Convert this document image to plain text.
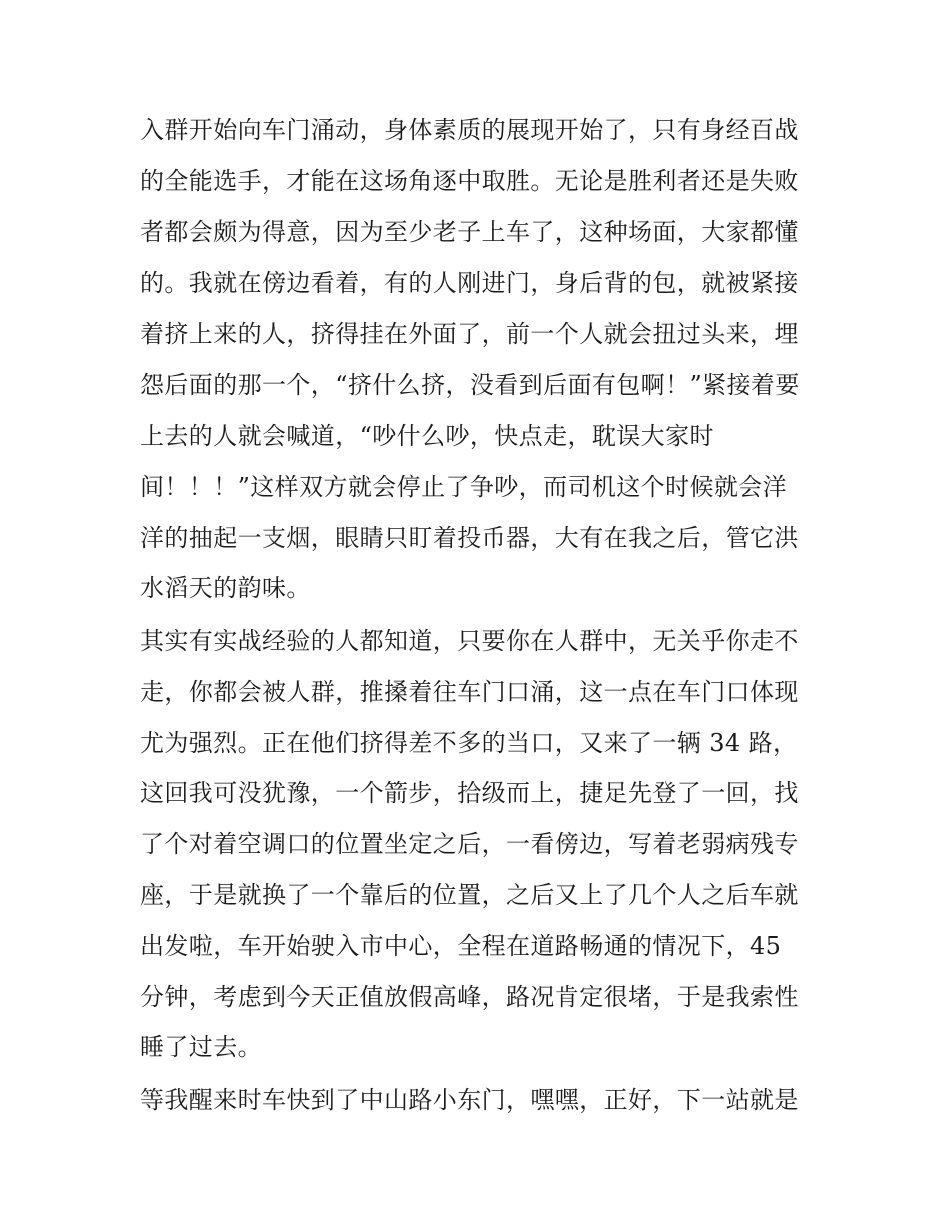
入群开始向车门涌动，身体素质的展现开始了，只有身经百战
的全能选手，才能在这场角逐中取胜。无论是胜利者还是失败
者都会颇为得意，因为至少老子上车了，这种场面，大家都懂
的。我就在傍边看着，有的人刚进门，身后背的包，就被紧接
着挤上来的人，挤得挂在外面了，前一个人就会扭过头来，埋
怨后面的那一个，“挤什么挤，没看到后面有包啊！”紧接着要
上去的人就会喊道，“吵什么吵，快点走，耽误大家时
间！！！”这样双方就会停止了争吵，而司机这个时候就会洋
洋的抽起一支烟，眼睛只盯着投币器，大有在我之后，管它洪
水滔天的韵味。
其实有实战经验的人都知道，只要你在人群中，无关乎你走不
走，你都会被人群，推搡着往车门口涌，这一点在车门口体现
尤为强烈。正在他们挤得差不多的当口，又来了一辆 34 路，
这回我可没犹豫，一个箭步，拾级而上，捷足先登了一回，找
了个对着空调口的位置坐定之后，一看傍边，写着老弱病残专
座，于是就换了一个靠后的位置，之后又上了几个人之后车就
出发啦，车开始驶入市中心，全程在道路畅通的情况下，45
分钟，考虑到今天正值放假高峰，路况肯定很堵，于是我索性
睡了过去。
等我醒来时车快到了中山路小东门，嘿嘿，正好，下一站就是
